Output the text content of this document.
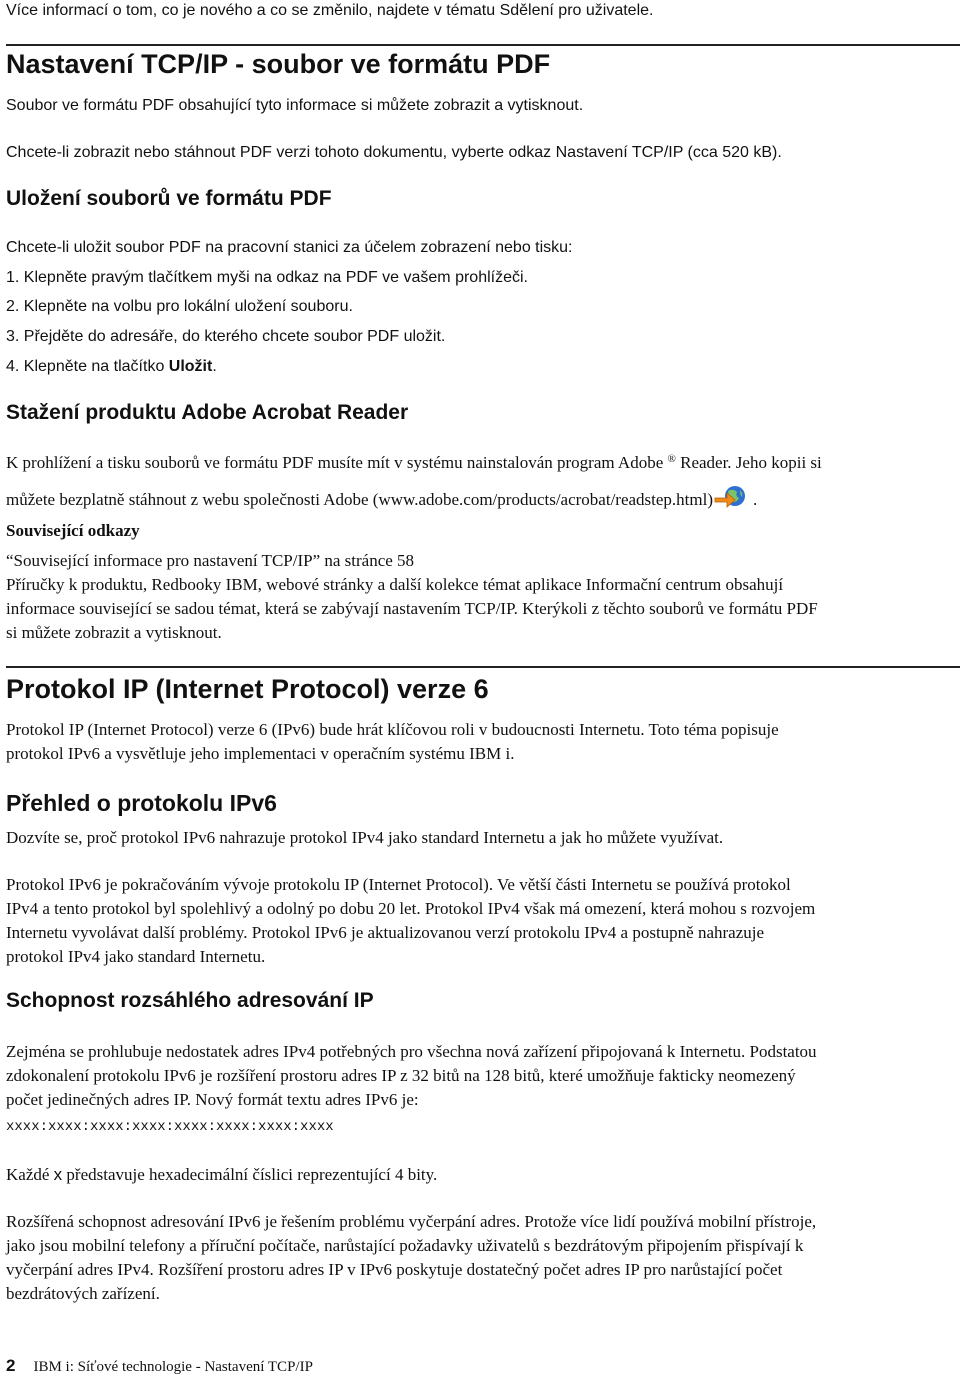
Více informací o tom, co je nového a co se změnilo, najdete v tématu Sdělení pro uživatele.
Nastavení TCP/IP - soubor ve formátu PDF
Soubor ve formátu PDF obsahující tyto informace si můžete zobrazit a vytisknout.
Chcete-li zobrazit nebo stáhnout PDF verzi tohoto dokumentu, vyberte odkaz Nastavení TCP/IP (cca 520 kB).
Uložení souborů ve formátu PDF
Chcete-li uložit soubor PDF na pracovní stanici za účelem zobrazení nebo tisku:
1. Klepněte pravým tlačítkem myši na odkaz na PDF ve vašem prohlížeči.
2. Klepněte na volbu pro lokální uložení souboru.
3. Přejděte do adresáře, do kterého chcete soubor PDF uložit.
4. Klepněte na tlačítko Uložit.
Stažení produktu Adobe Acrobat Reader
K prohlížení a tisku souborů ve formátu PDF musíte mít v systému nainstalován program Adobe ® Reader. Jeho kopii si
můžete bezplatně stáhnout z webu společnosti Adobe (www.adobe.com/products/acrobat/readstep.html) .
Související odkazy
“Související informace pro nastavení TCP/IP” na stránce 58
Příručky k produktu, Redbooky IBM, webové stránky a další kolekce témat aplikace Informační centrum obsahují
informace související se sadou témat, která se zabývají nastavením TCP/IP. Kterýkoli z těchto souborů ve formátu PDF
si můžete zobrazit a vytisknout.
Protokol IP (Internet Protocol) verze 6
Protokol IP (Internet Protocol) verze 6 (IPv6) bude hrát klíčovou roli v budoucnosti Internetu. Toto téma popisuje
protokol IPv6 a vysvětluje jeho implementaci v operačním systému IBM i.
Přehled o protokolu IPv6
Dozvíte se, proč protokol IPv6 nahrazuje protokol IPv4 jako standard Internetu a jak ho můžete využívat.
Protokol IPv6 je pokračováním vývoje protokolu IP (Internet Protocol). Ve větší části Internetu se používá protokol
IPv4 a tento protokol byl spolehlivý a odolný po dobu 20 let. Protokol IPv4 však má omezení, která mohou s rozvojem
Internetu vyvolávat další problémy. Protokol IPv6 je aktualizovanou verzí protokolu IPv4 a postupně nahrazuje
protokol IPv4 jako standard Internetu.
Schopnost rozsáhlého adresování IP
Zejména se prohlubuje nedostatek adres IPv4 potřebných pro všechna nová zařízení připojovaná k Internetu. Podstatou
zdokonalení protokolu IPv6 je rozšíření prostoru adres IP z 32 bitů na 128 bitů, které umožňuje fakticky neomezený
počet jedinečných adres IP. Nový formát textu adres IPv6 je:
xxxx:xxxx:xxxx:xxxx:xxxx:xxxx:xxxx:xxxx
Každé x představuje hexadecimální číslici reprezentující 4 bity.
Rozšířená schopnost adresování IPv6 je řešením problému vyčerpání adres. Protože více lidí používá mobilní přístroje,
jako jsou mobilní telefony a příruční počítače, narůstající požadavky uživatelů s bezdrátovým připojením přispívají k
vyčerpání adres IPv4. Rozšíření prostoru adres IP v IPv6 poskytuje dostatečný počet adres IP pro narůstající počet
bezdrátových zařízení.
2 IBM i: Síťové technologie - Nastavení TCP/IP
